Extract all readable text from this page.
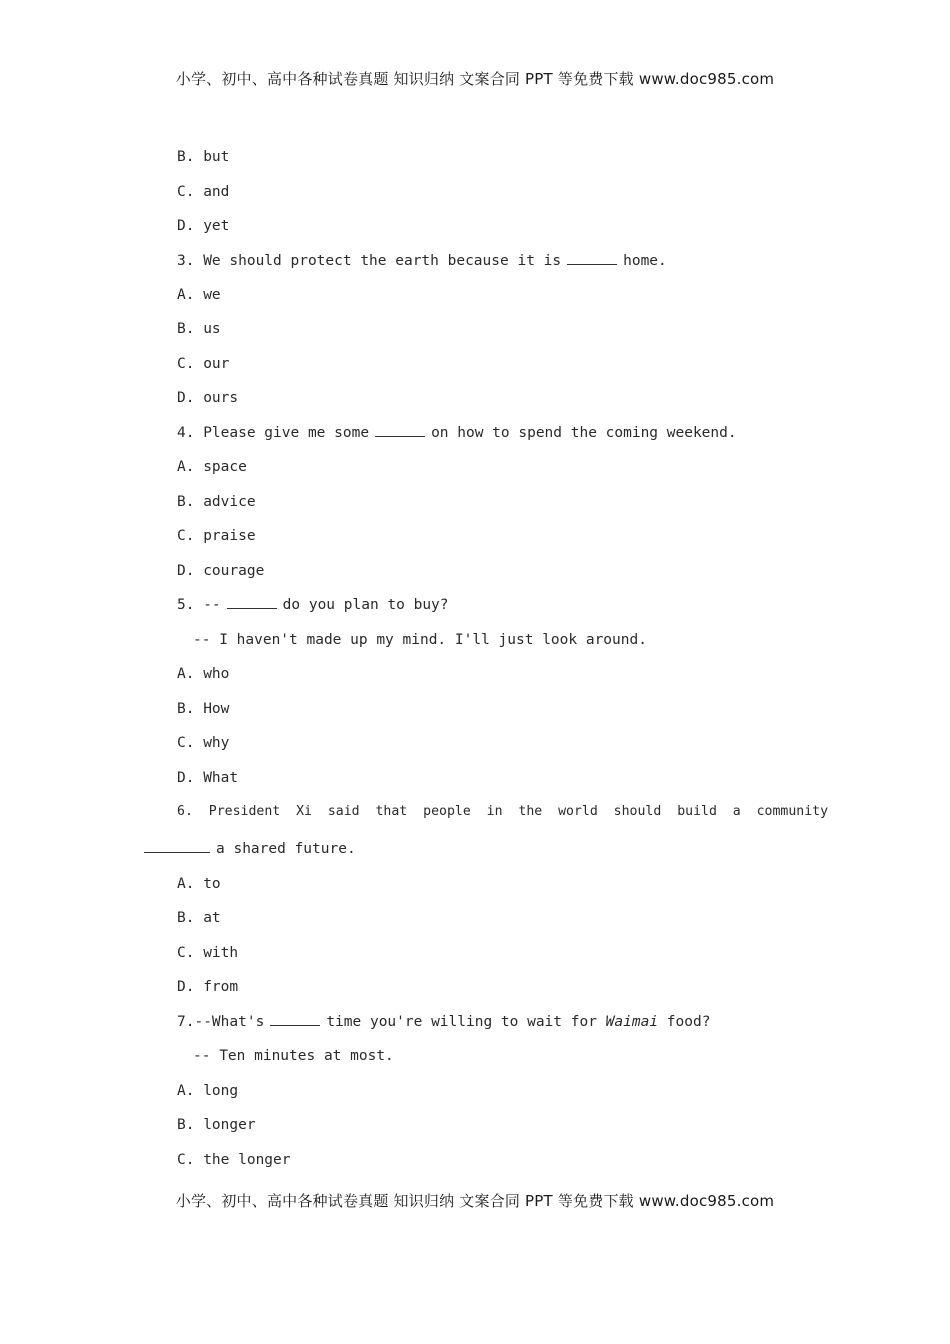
小学、初中、高中各种试卷真题 知识归纳 文案合同 PPT 等免费下载 www.doc985.com
B. but
C. and
D. yet
3. We should protect the earth because it is	home.
A. we
B. us
C. our
D. ours
4. Please give me some	on how to spend the coming weekend.
A. space
B. advice
C. praise
D. courage
5. --	do you plan to buy?
-- I haven't made up my mind. I'll just look around.
A. who
B. How
C. why
D. What
6.  President  Xi  said  that  people  in  the  world  should  build  a  community
a shared future.
A. to
B. at
C. with
D. from
7.--What's	time you're willing to wait for Waimai food?
-- Ten minutes at most.
A. long
B. longer
C. the longer
小学、初中、高中各种试卷真题 知识归纳 文案合同 PPT 等免费下载 www.doc985.com
